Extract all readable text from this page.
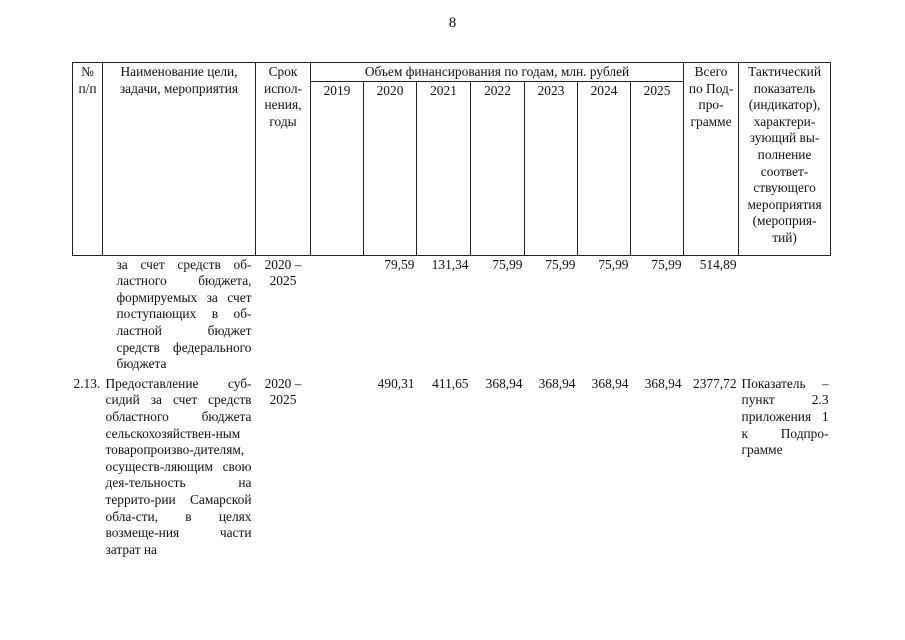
8
№ п/п	Наименование цели, задачи, мероприятия	Срок испол-нения, годы	Объем финансирования по годам, млн. рублей							Всего по Под-про-грамме	Тактический показатель (индикатор), характери-зующий вы-полнение соответ-ствующего мероприятия (мероприя-тий)
			2019	2020	2021	2022	2023	2024	2025		
	за счет средств об-ластного бюджета, формируемых за счет поступающих в об-ластной бюджет средств федерального бюджета	2020 – 2025		79,59	131,34	75,99	75,99	75,99	75,99	514,89	
2.13.	Предоставление суб-сидий за счет средств областного бюджета сельскохозяйствен-ным товаропроизво-дителям, осуществ-ляющим свою дея-тельность на террито-рии Самарской обла-сти, в целях возмеще-ния части затрат на	2020 – 2025		490,31	411,65	368,94	368,94	368,94	368,94	2377,72	Показатель – пункт 2.3 приложения 1 к Подпро-грамме
